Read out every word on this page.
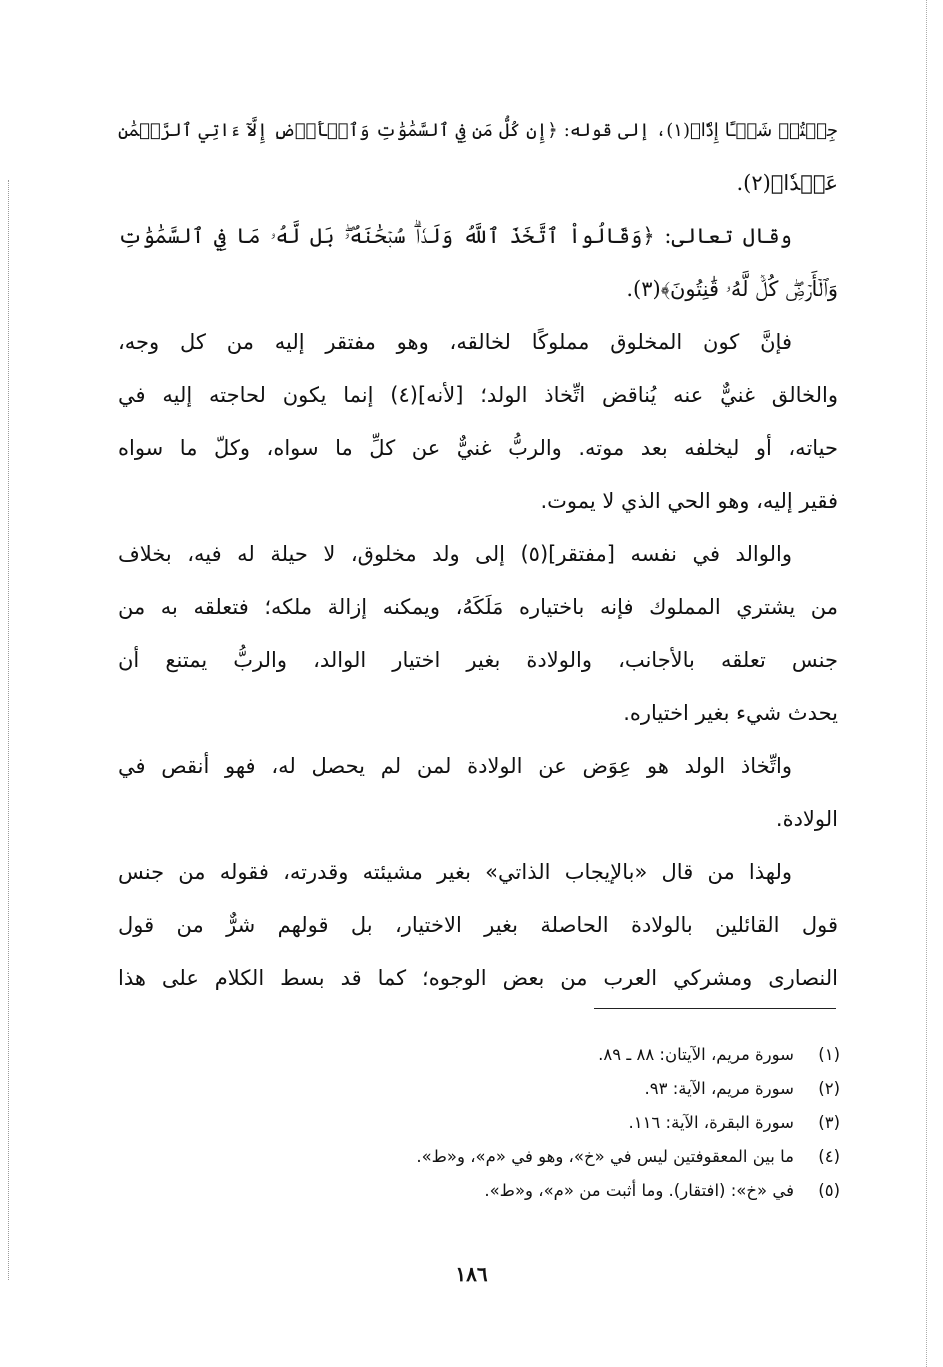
جِئۡتُمۡ شَيۡـًٔا إِدّٗا﴾(١)، إلى قوله: ﴿إِن كُلُّ مَن فِي ٱلسَّمَٰوَٰتِ وَٱلۡأَرۡضِ إِلَّآ ءَاتِي ٱلرَّحۡمَٰنِ
عَبۡدٗا﴾(٢).
وقال تعالى: ﴿وَقَالُواْ ٱتَّخَذَ ٱللَّهُ وَلَدٗاۗ سُبۡحَٰنَهُۥۖ بَل لَّهُۥ مَا فِي ٱلسَّمَٰوَٰتِ
وَٱلۡأَرۡضِۖ كُلّٞ لَّهُۥ قَٰنِتُونَ﴾(٣).
فإنَّ كون المخلوق مملوكًا لخالقه، وهو مفتقر إليه من كل وجه،
والخالق غنيٌّ عنه يُناقض اتِّخاذ الولد؛ [لأنه](٤) إنما يكون لحاجته إليه في
حياته، أو ليخلفه بعد موته. والربُّ غنيٌّ عن كلِّ ما سواه، وكلّ ما سواه
فقير إليه، وهو الحي الذي لا يموت.
والوالد في نفسه [مفتقر](٥) إلى ولد مخلوق، لا حيلة له فيه، بخلاف
من يشتري المملوك فإنه باختياره مَلَكَهُ، ويمكنه إزالة ملكه؛ فتعلقه به من
جنس تعلقه بالأجانب، والولادة بغير اختيار الوالد، والربُّ يمتنع أن
يحدث شيء بغير اختياره.
واتِّخاذ الولد هو عِوَض عن الولادة لمن لم يحصل له، فهو أنقص في
الولادة.
ولهذا من قال «بالإيجاب الذاتي» بغير مشيئته وقدرته، فقوله من جنس
قول القائلين بالولادة الحاصلة بغير الاختيار، بل قولهم شرٌّ من قول
النصارى ومشركي العرب من بعض الوجوه؛ كما قد بسط الكلام على هذا
(١)سورة مريم، الآيتان: ٨٨ ـ ٨٩.
(٢)سورة مريم، الآية: ٩٣.
(٣)سورة البقرة، الآية: ١١٦.
(٤)ما بين المعقوفتين ليس في «خ»، وهو في «م»، و«ط».
(٥)في «خ»: (افتقار). وما أثبت من «م»، و«ط».
١٨٦
